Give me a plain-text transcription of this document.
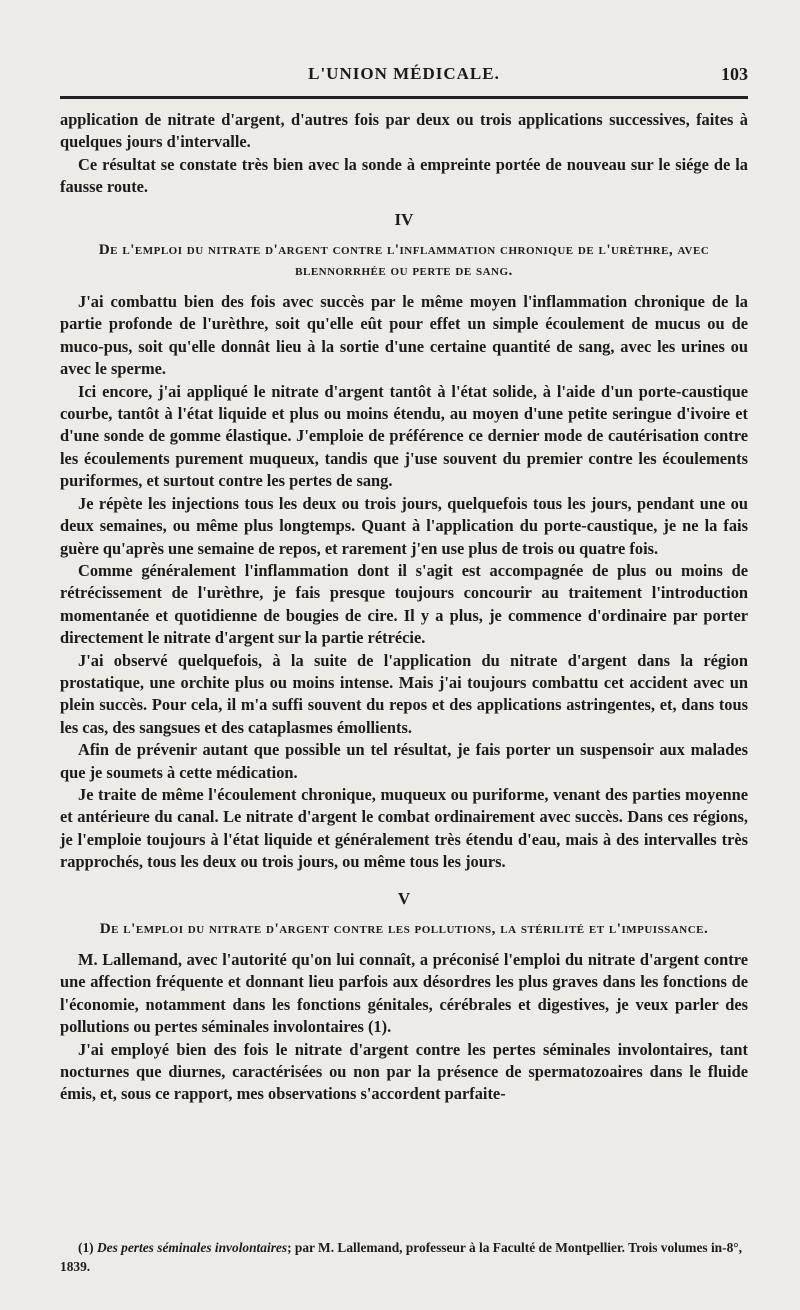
L'UNION MÉDICALE.	103

application de nitrate d'argent, d'autres fois par deux ou trois applications successives, faites à quelques jours d'intervalle.

Ce résultat se constate très bien avec la sonde à empreinte portée de nouveau sur le siége de la fausse route.

IV
De l'emploi du nitrate d'argent contre l'inflammation chronique de l'urèthre, avec blennorrhée ou perte de sang.

J'ai combattu bien des fois avec succès par le même moyen l'inflammation chronique de la partie profonde de l'urèthre, soit qu'elle eût pour effet un simple écoulement de mucus ou de muco-pus, soit qu'elle donnât lieu à la sortie d'une certaine quantité de sang, avec les urines ou avec le sperme.

Ici encore, j'ai appliqué le nitrate d'argent tantôt à l'état solide, à l'aide d'un porte-caustique courbe, tantôt à l'état liquide et plus ou moins étendu, au moyen d'une petite seringue d'ivoire et d'une sonde de gomme élastique. J'emploie de préférence ce dernier mode de cautérisation contre les écoulements purement muqueux, tandis que j'use souvent du premier contre les écoulements puriformes, et surtout contre les pertes de sang.

Je répète les injections tous les deux ou trois jours, quelquefois tous les jours, pendant une ou deux semaines, ou même plus longtemps. Quant à l'application du porte-caustique, je ne la fais guère qu'après une semaine de repos, et rarement j'en use plus de trois ou quatre fois.

Comme généralement l'inflammation dont il s'agit est accompagnée de plus ou moins de rétrécissement de l'urèthre, je fais presque toujours concourir au traitement l'introduction momentanée et quotidienne de bougies de cire. Il y a plus, je commence d'ordinaire par porter directement le nitrate d'argent sur la partie rétrécie.

J'ai observé quelquefois, à la suite de l'application du nitrate d'argent dans la région prostatique, une orchite plus ou moins intense. Mais j'ai toujours combattu cet accident avec un plein succès. Pour cela, il m'a suffi souvent du repos et des applications astringentes, et, dans tous les cas, des sangsues et des cataplasmes émollients.

Afin de prévenir autant que possible un tel résultat, je fais porter un suspensoir aux malades que je soumets à cette médication.

Je traite de même l'écoulement chronique, muqueux ou puriforme, venant des parties moyenne et antérieure du canal. Le nitrate d'argent le combat ordinairement avec succès. Dans ces régions, je l'emploie toujours à l'état liquide et généralement très étendu d'eau, mais à des intervalles très rapprochés, tous les deux ou trois jours, ou même tous les jours.

V
De l'emploi du nitrate d'argent contre les pollutions, la stérilité et l'impuissance.

M. Lallemand, avec l'autorité qu'on lui connaît, a préconisé l'emploi du nitrate d'argent contre une affection fréquente et donnant lieu parfois aux désordres les plus graves dans les fonctions de l'économie, notamment dans les fonctions génitales, cérébrales et digestives, je veux parler des pollutions ou pertes séminales involontaires (1).

J'ai employé bien des fois le nitrate d'argent contre les pertes séminales involontaires, tant nocturnes que diurnes, caractérisées ou non par la présence de spermatozoaires dans le fluide émis, et, sous ce rapport, mes observations s'accordent parfaite-

(1) Des pertes séminales involontaires; par M. Lallemand, professeur à la Faculté de Montpellier. Trois volumes in-8°, 1839.
